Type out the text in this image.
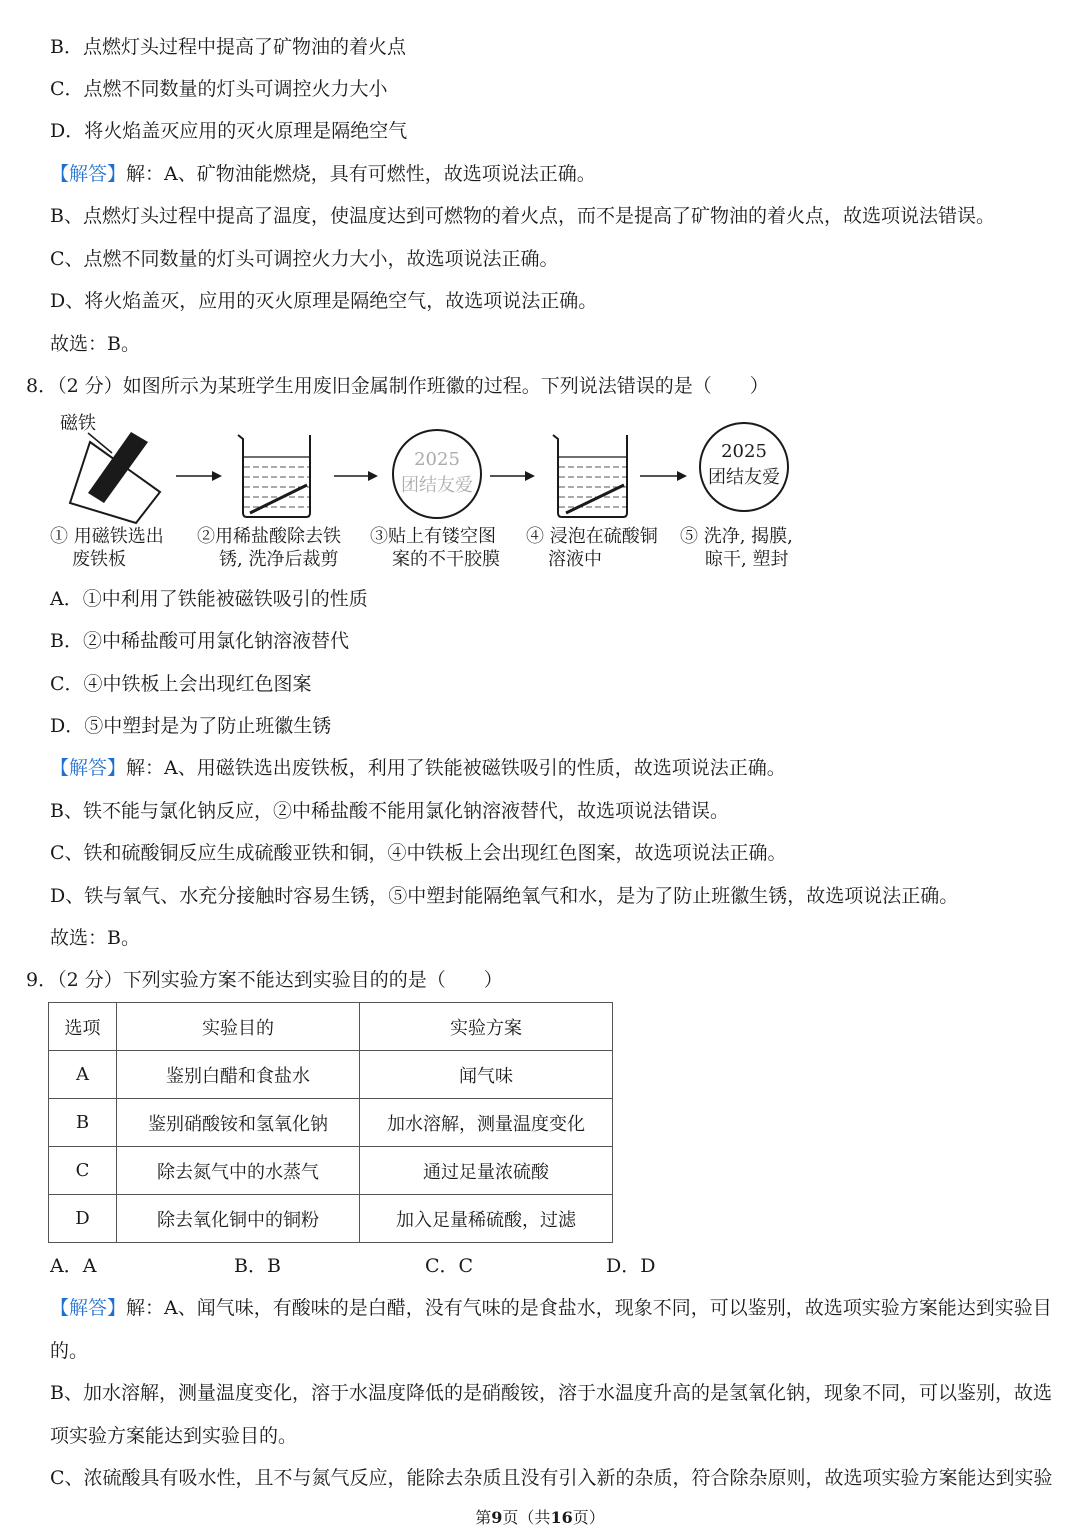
B．点燃灯头过程中提高了矿物油的着火点
C．点燃不同数量的灯头可调控火力大小
D．将火焰盖灭应用的灭火原理是隔绝空气
【解答】解：A、矿物油能燃烧，具有可燃性，故选项说法正确。
B、点燃灯头过程中提高了温度，使温度达到可燃物的着火点，而不是提高了矿物油的着火点，故选项说法错误。
C、点燃不同数量的灯头可调控火力大小，故选项说法正确。
D、将火焰盖灭，应用的灭火原理是隔绝空气，故选项说法正确。
故选：B。
8．（2 分）如图所示为某班学生用废旧金属制作班徽的过程。下列说法错误的是（　　）
磁铁
2025
团结友爱
2025
团结友爱
① 用磁铁选出
废铁板
②用稀盐酸除去铁
锈, 洗净后裁剪
③贴上有镂空图
案的不干胶膜
④ 浸泡在硫酸铜
溶液中
⑤ 洗净, 揭膜,
晾干, 塑封
A．①中利用了铁能被磁铁吸引的性质
B．②中稀盐酸可用氯化钠溶液替代
C．④中铁板上会出现红色图案
D．⑤中塑封是为了防止班徽生锈
【解答】解：A、用磁铁选出废铁板，利用了铁能被磁铁吸引的性质，故选项说法正确。
B、铁不能与氯化钠反应，②中稀盐酸不能用氯化钠溶液替代，故选项说法错误。
C、铁和硫酸铜反应生成硫酸亚铁和铜，④中铁板上会出现红色图案，故选项说法正确。
D、铁与氧气、水充分接触时容易生锈，⑤中塑封能隔绝氧气和水，是为了防止班徽生锈，故选项说法正确。
故选：B。
9．（2 分）下列实验方案不能达到实验目的的是（　　）
选项	实验目的	实验方案
A	鉴别白醋和食盐水	闻气味
B	鉴别硝酸铵和氢氧化钠	加水溶解，测量温度变化
C	除去氮气中的水蒸气	通过足量浓硫酸
D	除去氧化铜中的铜粉	加入足量稀硫酸，过滤
A．A	B．B	C．C	D．D
【解答】解：A、闻气味，有酸味的是白醋，没有气味的是食盐水，现象不同，可以鉴别，故选项实验方案能达到实验目
的。
B、加水溶解，测量温度变化，溶于水温度降低的是硝酸铵，溶于水温度升高的是氢氧化钠，现象不同，可以鉴别，故选
项实验方案能达到实验目的。
C、浓硫酸具有吸水性，且不与氮气反应，能除去杂质且没有引入新的杂质，符合除杂原则，故选项实验方案能达到实验
第9页（共16页）
